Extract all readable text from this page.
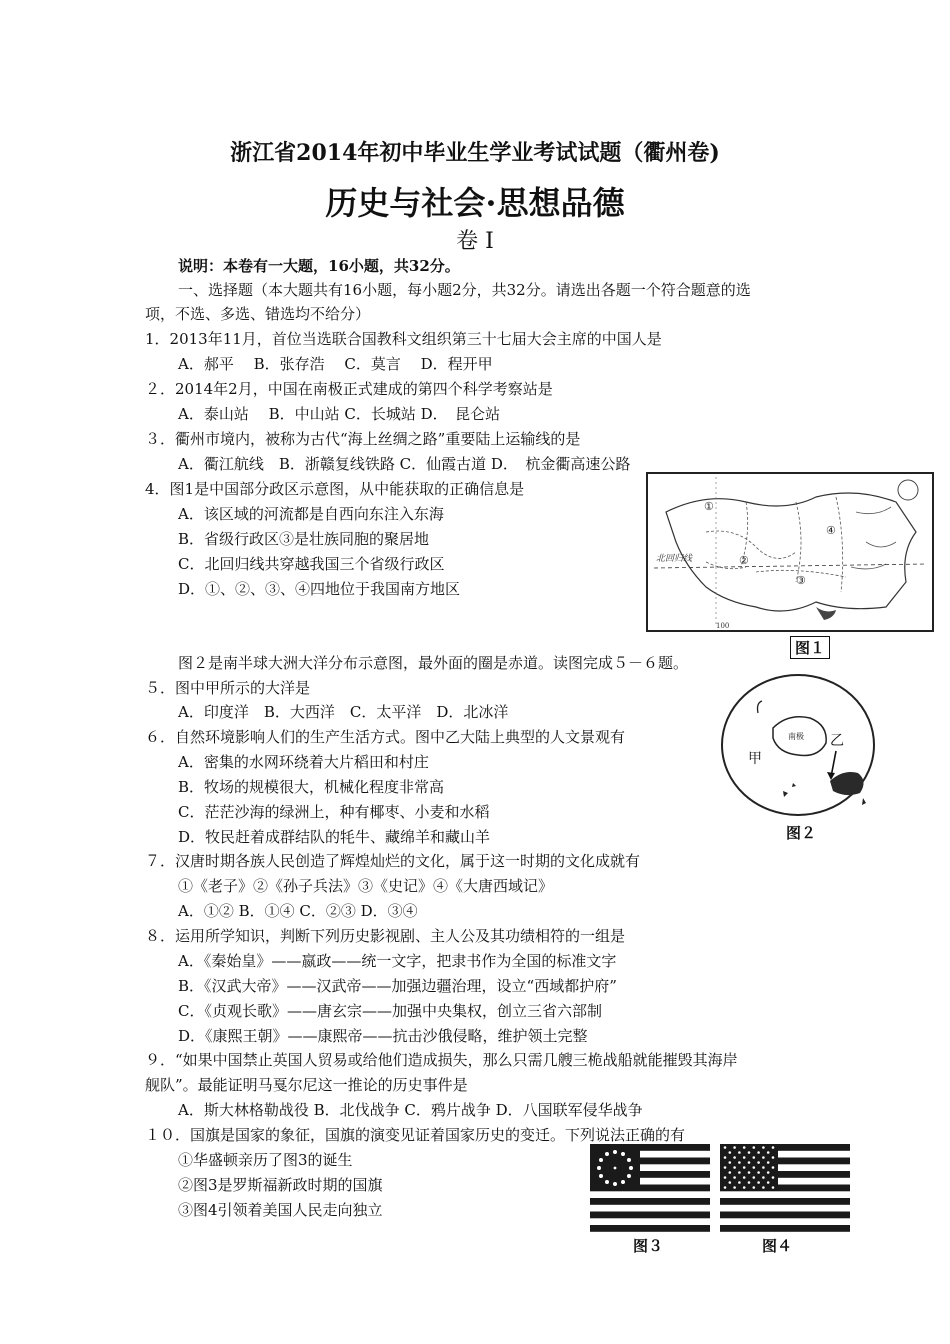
浙江省2014年初中毕业生学业考试试题（衢州卷)
历史与社会·思想品德
卷 Ⅰ
说明：本卷有一大题，16小题，共32分。
一、选择题（本大题共有16小题，每小题2分，共32分。请选出各题一个符合题意的选
项，不选、多选、错选均不给分）
1．2013年11月，首位当选联合国教科文组织第三十七届大会主席的中国人是
A．郝平　 B．张存浩　 C．莫言　 D．程开甲
２．2014年2月，中国在南极正式建成的第四个科学考察站是
A．泰山站　 B．中山站 C．长城站 D．　昆仑站
３．衢州市境内，被称为古代“海上丝绸之路”重要陆上运输线的是
A．衢江航线　B．浙赣复线铁路 C．仙霞古道 D．　杭金衢高速公路
4．图1是中国部分政区示意图，从中能获取的正确信息是
A．该区域的河流都是自西向东注入东海
B．省级行政区③是壮族同胞的聚居地
C．北回归线共穿越我国三个省级行政区
D．①、②、③、④四地位于我国南方地区
①
②
③
④
北回归线
100
图１
图２是南半球大洲大洋分布示意图，最外面的圈是赤道。读图完成５－６题。
５．图中甲所示的大洋是
A．印度洋　B．大西洋　C．太平洋　D．北冰洋
６．自然环境影响人们的生产生活方式。图中乙大陆上典型的人文景观有
A．密集的水网环绕着大片稻田和村庄
B．牧场的规模很大，机械化程度非常高
C．茫茫沙海的绿洲上，种有椰枣、小麦和水稻
D．牧民赶着成群结队的牦牛、藏绵羊和藏山羊
南极
甲
乙
图２
７．汉唐时期各族人民创造了辉煌灿烂的文化，属于这一时期的文化成就有
①《老子》②《孙子兵法》③《史记》④《大唐西域记》
A．①② B．①④ C．②③ D．③④
８．运用所学知识，判断下列历史影视剧、主人公及其功绩相符的一组是
A．《秦始皇》——嬴政——统一文字，把隶书作为全国的标准文字
B．《汉武大帝》——汉武帝——加强边疆治理，设立“西域都护府”
C．《贞观长歌》——唐玄宗——加强中央集权，创立三省六部制
D．《康熙王朝》——康熙帝——抗击沙俄侵略，维护领土完整
９．“如果中国禁止英国人贸易或给他们造成损失，那么只需几艘三桅战船就能摧毁其海岸
舰队”。最能证明马戛尔尼这一推论的历史事件是
A．斯大林格勒战役 B．北伐战争 C．鸦片战争 D．八国联军侵华战争
１０．国旗是国家的象征，国旗的演变见证着国家历史的变迁。下列说法正确的有
①华盛顿亲历了图3的诞生
②图3是罗斯福新政时期的国旗
③图4引领着美国人民走向独立
图３	图４
